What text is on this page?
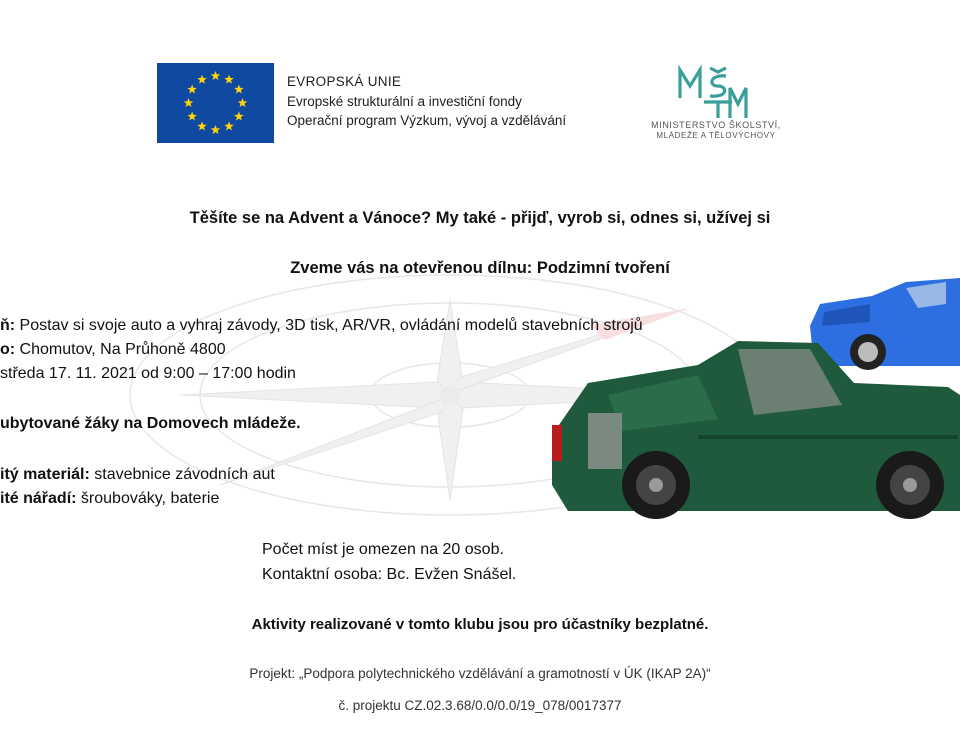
EVROPSKÁ UNIE
Evropské strukturální a investiční fondy
Operační program Výzkum, vývoj a vzdělávání	MINISTERSTVO ŠKOLSTVÍ,
MLÁDEŽE A TĚLOVÝCHOVY
Těšíte se na Advent a Vánoce? My také - přijď, vyrob si, odnes si, užívej si
Zveme vás na otevřenou dílnu: Podzimní tvoření
ň: Postav si svoje auto a vyhraj závody, 3D tisk, AR/VR, ovládání modelů stavebních strojů
o: Chomutov, Na Průhoně 4800
středa 17. 11. 2021 od 9:00 – 17:00 hodin
ubytované žáky na Domovech mládeže.
itý materiál: stavebnice závodních aut
ité nářadí: šroubováky, baterie
Počet míst je omezen na 20 osob.
Kontaktní osoba: Bc. Evžen Snášel.
Aktivity realizované v tomto klubu jsou pro účastníky bezplatné.
Projekt: „Podpora polytechnického vzdělávání a gramotností v ÚK (IKAP 2A)“
č. projektu CZ.02.3.68/0.0/0.0/19_078/0017377
